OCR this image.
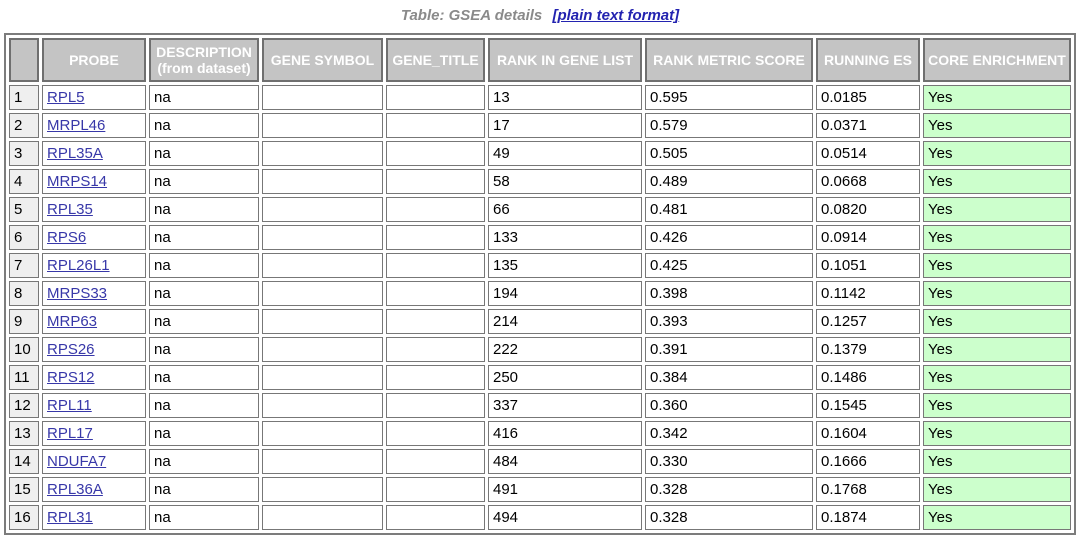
Table: GSEA details [plain text format]
	PROBE	DESCRIPTION (from dataset)	GENE SYMBOL	GENE_TITLE	RANK IN GENE LIST	RANK METRIC SCORE	RUNNING ES	CORE ENRICHMENT
1	RPL5	na			13	0.595	0.0185	Yes
2	MRPL46	na			17	0.579	0.0371	Yes
3	RPL35A	na			49	0.505	0.0514	Yes
4	MRPS14	na			58	0.489	0.0668	Yes
5	RPL35	na			66	0.481	0.0820	Yes
6	RPS6	na			133	0.426	0.0914	Yes
7	RPL26L1	na			135	0.425	0.1051	Yes
8	MRPS33	na			194	0.398	0.1142	Yes
9	MRP63	na			214	0.393	0.1257	Yes
10	RPS26	na			222	0.391	0.1379	Yes
11	RPS12	na			250	0.384	0.1486	Yes
12	RPL11	na			337	0.360	0.1545	Yes
13	RPL17	na			416	0.342	0.1604	Yes
14	NDUFA7	na			484	0.330	0.1666	Yes
15	RPL36A	na			491	0.328	0.1768	Yes
16	RPL31	na			494	0.328	0.1874	Yes
